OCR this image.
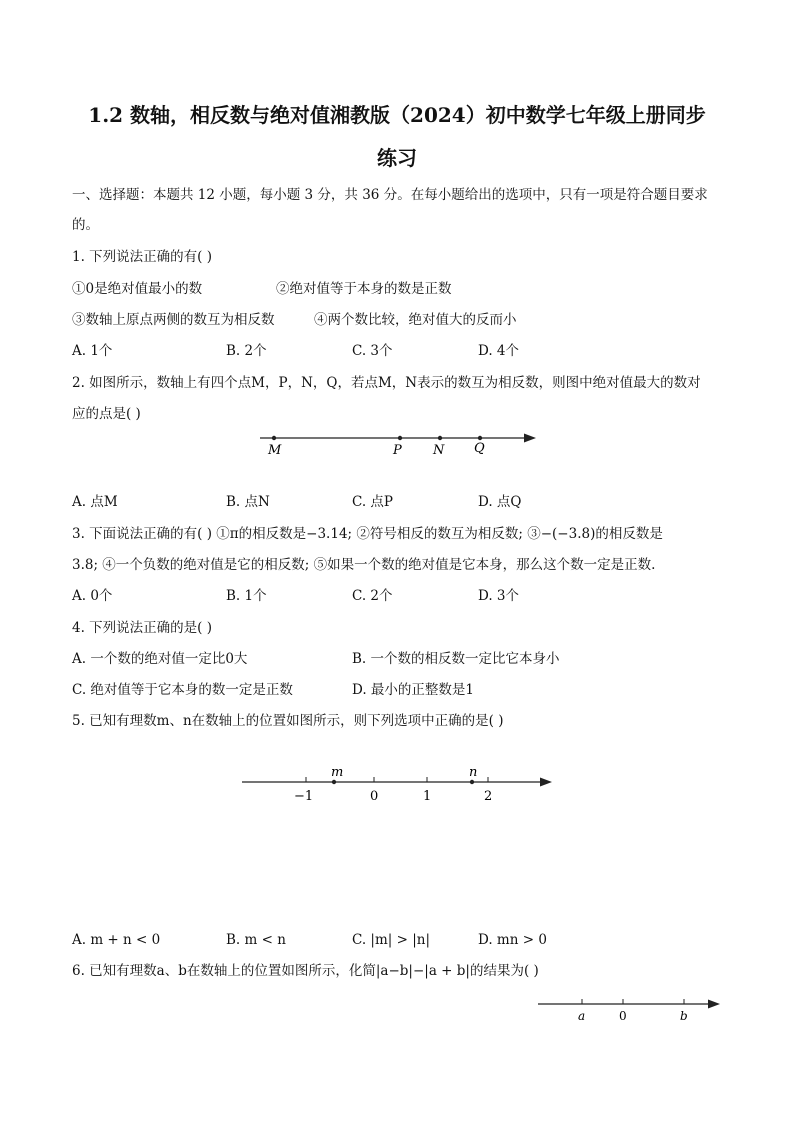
1.2 数轴，相反数与绝对值湘教版（2024）初中数学七年级上册同步
练习
一、选择题：本题共 12 小题，每小题 3 分，共 36 分。在每小题给出的选项中，只有一项是符合题目要求
的。
1. 下列说法正确的有( )
①0是绝对值最小的数	②绝对值等于本身的数是正数
③数轴上原点两侧的数互为相反数	④两个数比较，绝对值大的反而小
A. 1个	B. 2个	C. 3个	D. 4个
2. 如图所示，数轴上有四个点M，P，N，Q，若点M，N表示的数互为相反数，则图中绝对值最大的数对
应的点是( )
M	P N Q
A. 点M	B. 点N	C. 点P	D. 点Q
3. 下面说法正确的有( ) ①π的相反数是−3.14; ②符号相反的数互为相反数; ③−(−3.8)的相反数是
3.8; ④一个负数的绝对值是它的相反数; ⑤如果一个数的绝对值是它本身，那么这个数一定是正数.
A. 0个	B. 1个	C. 2个	D. 3个
4. 下列说法正确的是( )
A. 一个数的绝对值一定比0大	B. 一个数的相反数一定比它本身小
C. 绝对值等于它本身的数一定是正数	D. 最小的正整数是1
5. 已知有理数m、n在数轴上的位置如图所示，则下列选项中正确的是( )
m	n
−1	0	1	2
A. m + n < 0	B. m < n	C. |m| > |n|	D. mn > 0
6. 已知有理数a、b在数轴上的位置如图所示，化简|a−b|−|a + b|的结果为( )
a	0	b
